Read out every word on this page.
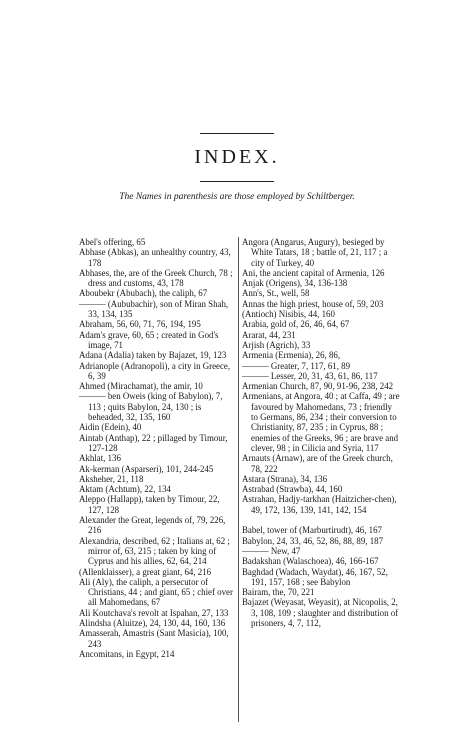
INDEX.
The Names in parenthesis are those employed by Schiltberger.
Abel's offering, 65
Abhase (Abkas), an unhealthy country, 43, 178
Abhases, the, are of the Greek Church, 78 ; dress and customs, 43, 178
Aboubekr (Abubach), the caliph, 67
——— (Aububachir), son of Miran Shah, 33, 134, 135
Abraham, 56, 60, 71, 76, 194, 195
Adam's grave, 60, 65 ; created in God's image, 71
Adana (Adalia) taken by Bajazet, 19, 123
Adrianople (Adranopoli), a city in Greece, 6, 39
Ahmed (Mirachamat), the amir, 10
——— ben Oweis (king of Babylon), 7, 113 ; quits Babylon, 24, 130 ; is beheaded, 32, 135, 160
Aidin (Edein), 40
Aintab (Anthap), 22 ; pillaged by Timour, 127-128
Akhlat, 136
Ak-kerman (Asparseri), 101, 244-245
Aksheher, 21, 118
Aktam (Achtum), 22, 134
Aleppo (Hallapp), taken by Timour, 22, 127, 128
Alexander the Great, legends of, 79, 226, 216
Alexandria, described, 62 ; Italians at, 62 ; mirror of, 63, 215 ; taken by king of Cyprus and his allies, 62, 64, 214
(Allenklaisser), a great giant, 64, 216
Ali (Aly), the caliph, a persecutor of Christians, 44 ; and giant, 65 ; chief over all Mahomedans, 67
Ali Koutchava's revolt at Ispahan, 27, 133
Alindsha (Aluitze), 24, 130, 44, 160, 136
Amasserah, Amastris (Sant Masicia), 100, 243
Ancomitans, in Egypt, 214
Angora (Angarus, Augury), besieged by White Tatars, 18 ; battle of, 21, 117 ; a city of Turkey, 40
Ani, the ancient capital of Armenia, 126
Anjak (Origens), 34, 136-138
Ann's, St., well, 58
Annas the high priest, house of, 59, 203
(Antioch) Nisibis, 44, 160
Arabia, gold of, 26, 46, 64, 67
Ararat, 44, 231
Arjish (Agrich), 33
Armenia (Ermenia), 26, 86,
——— Greater, 7, 117, 61, 89
——— Lesser, 20, 31, 43, 61, 86, 117
Armenian Church, 87, 90, 91-96, 238, 242
Armenians, at Angora, 40 ; at Caffa, 49 ; are favoured by Mahomedans, 73 ; friendly to Germans, 86, 234 ; their conversion to Christianity, 87, 235 ; in Cyprus, 88 ; enemies of the Greeks, 96 ; are brave and clever, 98 ; in Cilicia and Syria, 117
Arnauts (Arnaw), are of the Greek church, 78, 222
Astara (Strana), 34, 136
Astrabad (Strawba), 44, 160
Astrahan, Hadjy-tarkhan (Haitzicher-chen), 49, 172, 136, 139, 141, 142, 154
Babel, tower of (Marburtirudt), 46, 167
Babylon, 24, 33, 46, 52, 86, 88, 89, 187
——— New, 47
Badakshan (Walaschoea), 46, 166-167
Baghdad (Wadach, Waydat), 46, 167, 52, 191, 157, 168 ; see Babylon
Bairam, the, 70, 221
Bajazet (Weyasat, Weyasit), at Nicopolis, 2, 3, 108, 109 ; slaughter and distribution of prisoners, 4, 7, 112,
